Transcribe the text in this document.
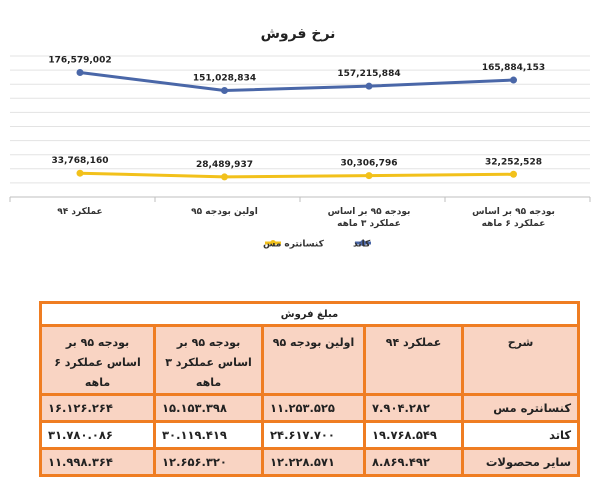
نرخ فروش
176,579,002
151,028,834	157,215,884
165,884,153
33,768,160	28,489,937	30,306,796	32,252,528
عملکرد ۹۴	اولین بودجه ۹۵	بودجه ۹۵ بر اساس عملکرد ۳ ماهه
بودجه ۹۵ بر اساس عملکرد ۶ ماهه
کاتد
کنسانتره مس
مبلغ فروش				
شرح	عملکرد ۹۴	اولین بودجه ۹۵	بودجه ۹۵ بر اساس عملکرد ۳ ماهه	بودجه ۹۵ بر اساس عملکرد ۶ ماهه
کنسانتره مس	۷.۹۰۴.۲۸۲	۱۱.۲۵۳.۵۲۵	۱۵.۱۵۳.۳۹۸	۱۶.۱۲۶.۲۶۴
کاتد	۱۹.۷۶۸.۵۴۹	۲۴.۶۱۷.۷۰۰	۳۰.۱۱۹.۴۱۹	۳۱.۷۸۰.۰۸۶
سایر محصولات	۸.۸۶۹.۴۹۲	۱۲.۲۲۸.۵۷۱	۱۲.۶۵۶.۳۲۰	۱۱.۹۹۸.۳۶۴
